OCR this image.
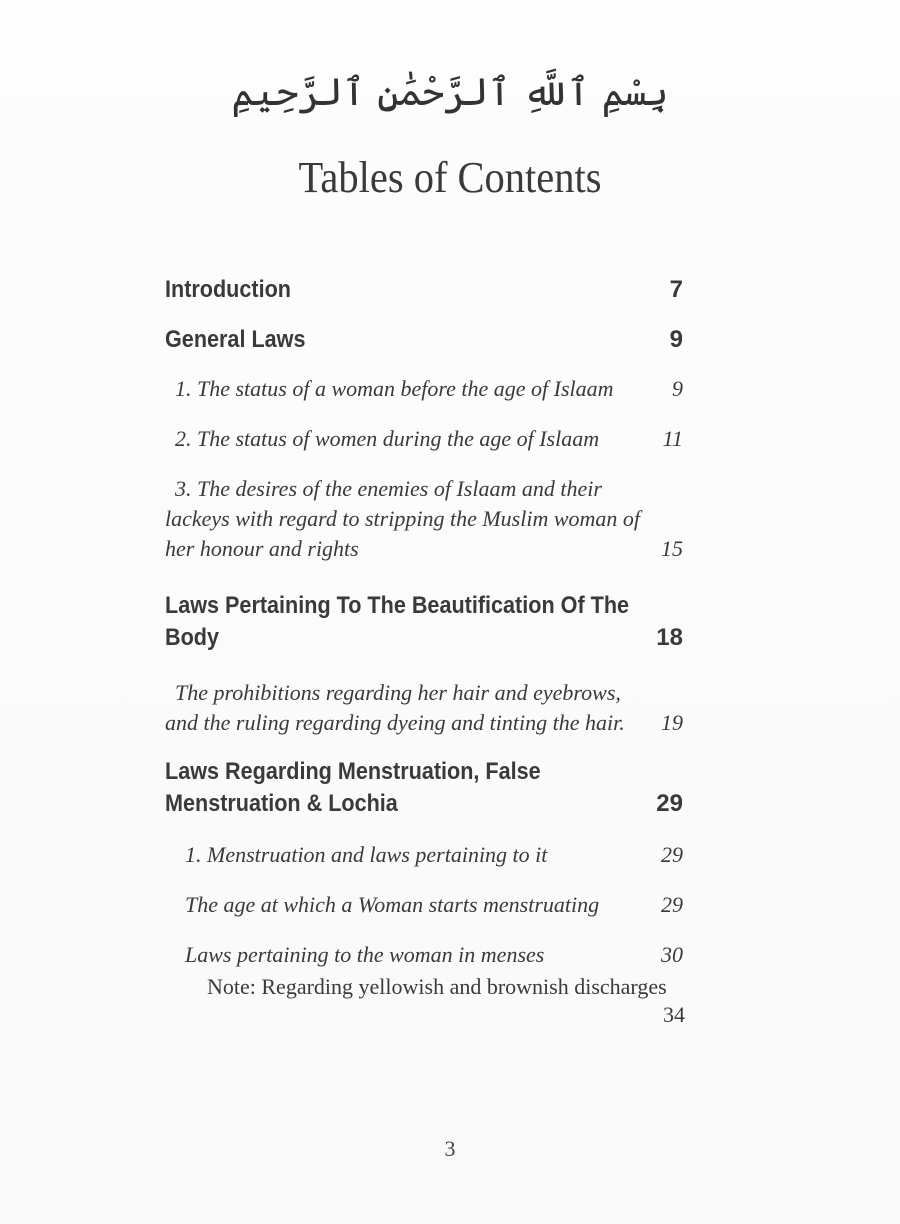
بِسْمِ ٱللَّهِ ٱلرَّحْمَٰنِ ٱلرَّحِيمِ
Tables of Contents
Introduction	7
General Laws	9
1. The status of a woman before the age of Islaam	9
2. The status of women during the age of Islaam	11
3. The desires of the enemies of Islaam and their
lackeys with regard to stripping the Muslim woman of
her honour and rights	15
Laws Pertaining To The Beautification Of The
Body	18
The prohibitions regarding her hair and eyebrows,
and the ruling regarding dyeing and tinting the hair. 19
Laws Regarding Menstruation, False
Menstruation & Lochia	29
1. Menstruation and laws pertaining to it	29
The age at which a Woman starts menstruating	29
Laws pertaining to the woman in menses	30
Note: Regarding yellowish and brownish discharges
34
3
